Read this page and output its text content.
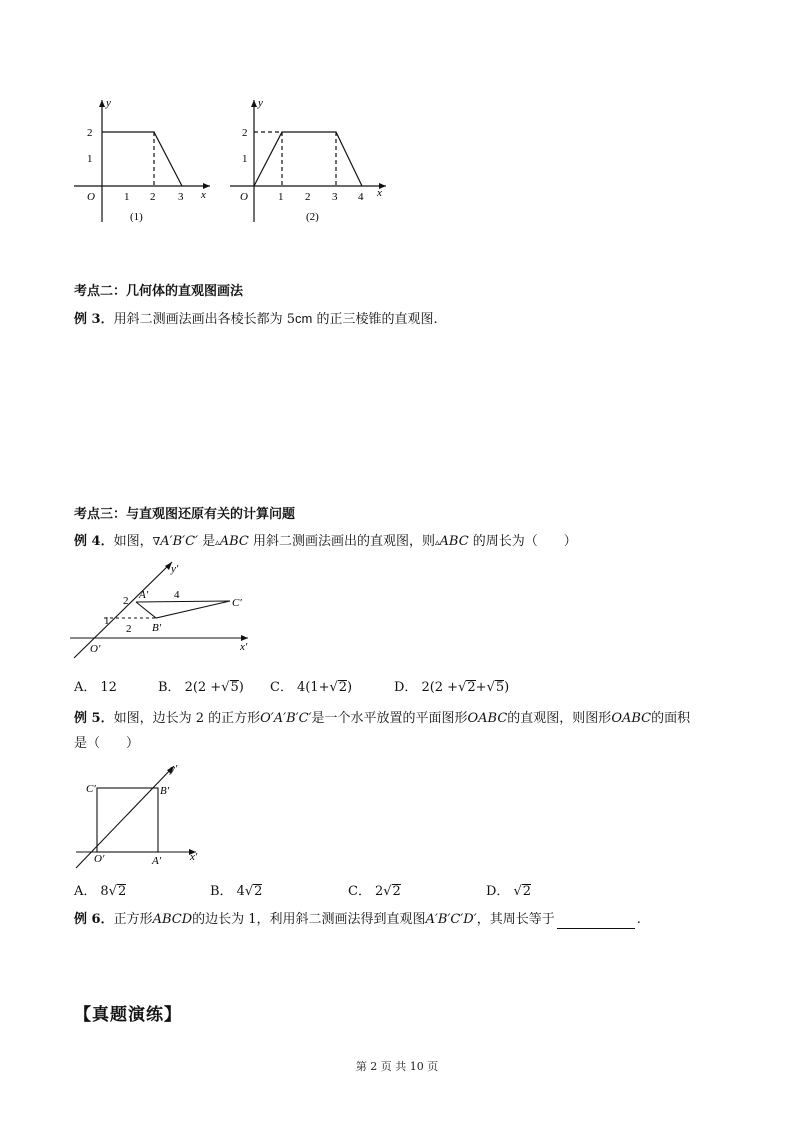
y
x
O	1 2 3
2
1
(1)
y
x
O	1 2 3 4
2
1
(2)
考点二：几何体的直观图画法
例 3．用斜二测画法画出各棱长都为 5cm 的正三棱锥的直观图.
考点三：与直观图还原有关的计算问题
例 4．如图，∇A′B′C′ 是▵ABC 用斜二测画法画出的直观图，则▵ABC 的周长为（　　）
y′
x′
O′
A′
B′
C′
2	4
1
2
A． 12	B． 2(2 +√5) C． 4(1+√2)	D． 2(2 +√2+√5)
例 5．如图，边长为 2 的正方形O′A′B′C′是一个水平放置的平面图形OABC的直观图，则图形OABC的面积
是（　　）
y′
x′
O′	A′
B′
C′
A． 8√2	B． 4√2	C． 2√2	D． √2
例 6．正方形ABCD的边长为 1，利用斜二测画法得到直观图A′B′C′D′，其周长等于	.
【真题演练】
第 2 页 共 10 页
